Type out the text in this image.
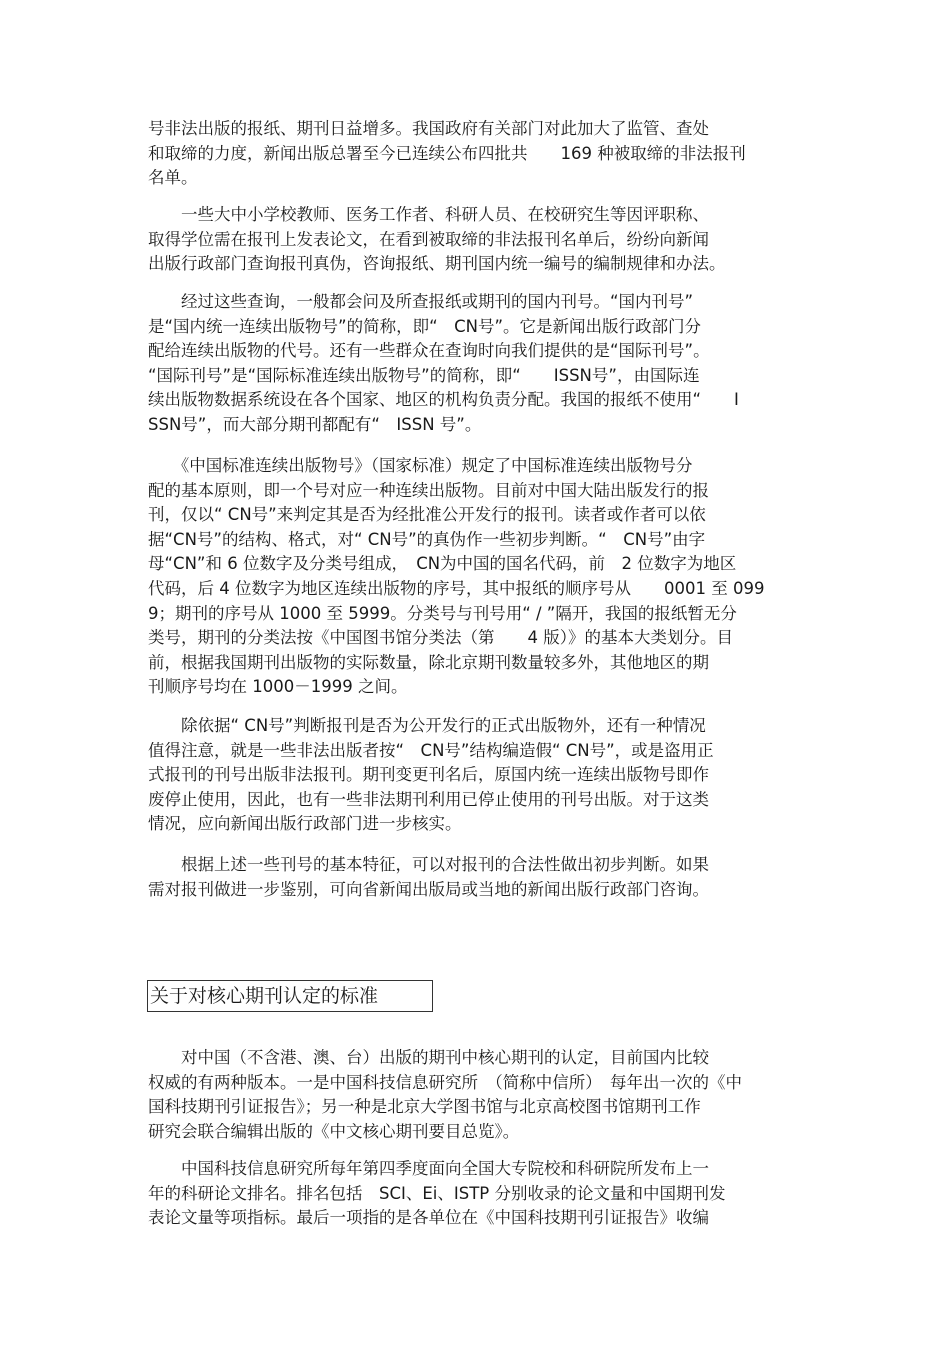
号非法出版的报纸、期刊日益增多。我国政府有关部门对此加大了监管、查处
和取缔的力度，新闻出版总署至今已连续公布四批共　　169 种被取缔的非法报刊
名单。
　　一些大中小学校教师、医务工作者、科研人员、在校研究生等因评职称、
取得学位需在报刊上发表论文，在看到被取缔的非法报刊名单后，纷纷向新闻
出版行政部门查询报刊真伪，咨询报纸、期刊国内统一编号的编制规律和办法。
　　经过这些查询，一般都会问及所查报纸或期刊的国内刊号。“国内刊号”
是“国内统一连续出版物号”的简称，即“　CN号”。它是新闻出版行政部门分
配给连续出版物的代号。还有一些群众在查询时向我们提供的是“国际刊号”。
“国际刊号”是“国际标准连续出版物号”的简称，即“　　ISSN号”，由国际连
续出版物数据系统设在各个国家、地区的机构负责分配。我国的报纸不使用“　　I
SSN号”，而大部分期刊都配有“　ISSN 号”。
　　《中国标准连续出版物号》（国家标准）规定了中国标准连续出版物号分
配的基本原则，即一个号对应一种连续出版物。目前对中国大陆出版发行的报
刊，仅以“ CN号”来判定其是否为经批准公开发行的报刊。读者或作者可以依
据“CN号”的结构、格式，对“ CN号”的真伪作一些初步判断。“　CN号”由字
母“CN”和 6 位数字及分类号组成，　CN为中国的国名代码，前　2 位数字为地区
代码，后 4 位数字为地区连续出版物的序号，其中报纸的顺序号从　　0001 至 099
9；期刊的序号从 1000 至 5999。分类号与刊号用“ / ”隔开，我国的报纸暂无分
类号，期刊的分类法按《中国图书馆分类法（第　　4 版）》的基本大类划分。目
前，根据我国期刊出版物的实际数量，除北京期刊数量较多外，其他地区的期
刊顺序号均在 1000－1999 之间。
　　除依据“ CN号”判断报刊是否为公开发行的正式出版物外，还有一种情况
值得注意，就是一些非法出版者按“　CN号”结构编造假“ CN号”，或是盗用正
式报刊的刊号出版非法报刊。期刊变更刊名后，原国内统一连续出版物号即作
废停止使用，因此，也有一些非法期刊利用已停止使用的刊号出版。对于这类
情况，应向新闻出版行政部门进一步核实。
　　根据上述一些刊号的基本特征，可以对报刊的合法性做出初步判断。如果
需对报刊做进一步鉴别，可向省新闻出版局或当地的新闻出版行政部门咨询。
关于对核心期刊认定的标准
　　对中国（不含港、澳、台）出版的期刊中核心期刊的认定，目前国内比较
权威的有两种版本。一是中国科技信息研究所　（简称中信所）　每年出一次的《中
国科技期刊引证报告》；另一种是北京大学图书馆与北京高校图书馆期刊工作
研究会联合编辑出版的《中文核心期刊要目总览》。
　　中国科技信息研究所每年第四季度面向全国大专院校和科研院所发布上一
年的科研论文排名。排名包括　SCI、Ei、ISTP 分别收录的论文量和中国期刊发
表论文量等项指标。最后一项指的是各单位在《中国科技期刊引证报告》收编
